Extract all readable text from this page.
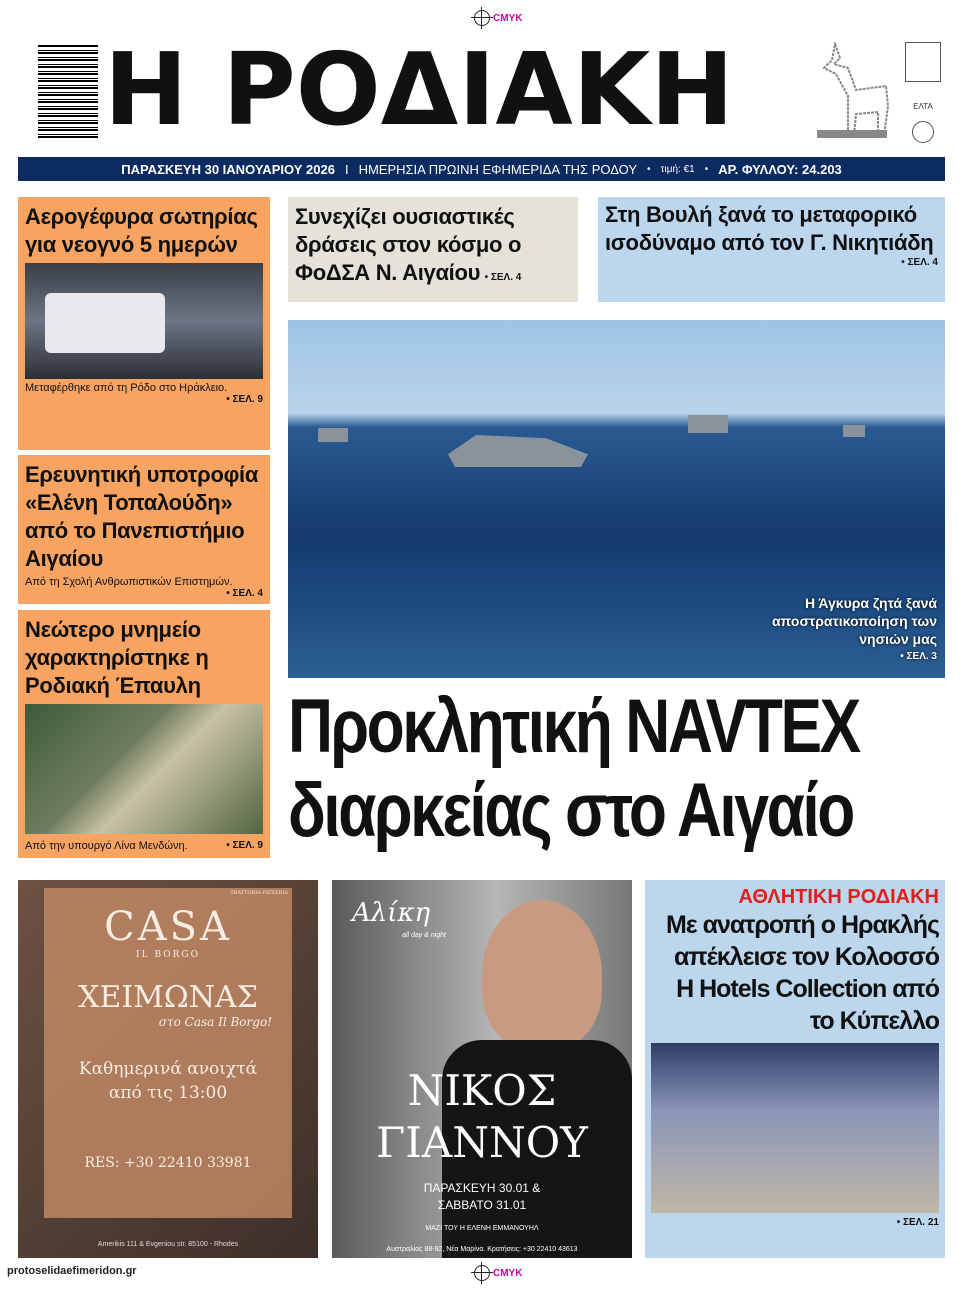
CMYK
Η ΡΟΔΙΑΚΗ	ΕΛΤΑ
ΠΑΡΑΣΚΕΥΗ 30 ΙΑΝΟΥΑΡΙΟΥ 2026 Ι ΗΜΕΡΗΣΙΑ ΠΡΩΙΝΗ ΕΦΗΜΕΡΙΔΑ ΤΗΣ ΡΟΔΟΥ • τιμή: €1 • ΑΡ. ΦΥΛΛΟΥ: 24.203
Αερογέφυρα σωτηρίας για νεογνό 5 ημερών
Μεταφέρθηκε από τη Ρόδο στο Ηράκλειο.
• ΣΕΛ. 9
Ερευνητική υποτροφία «Ελένη Τοπαλούδη» από το Πανεπιστήμιο Αιγαίου
Από τη Σχολή Ανθρωπιστικών Επιστημών.
• ΣΕΛ. 4
Νεώτερο μνημείο χαρακτηρίστηκε η Ροδιακή Έπαυλη
Από την υπουργό Λίνα Μενδώνη.	• ΣΕΛ. 9
Συνεχίζει ουσιαστικές δράσεις στον κόσμο ο ΦοΔΣΑ Ν. Αιγαίου • ΣΕΛ. 4
Στη Βουλή ξανά το μεταφορικό ισοδύναμο από τον Γ. Νικητιάδη
• ΣΕΛ. 4
Η Άγκυρα ζητά ξανά αποστρατικοποίηση των νησιών μας
• ΣΕΛ. 3
Προκλητική NAVTEX
διαρκείας στο Αιγαίο
TRATTORIA-PIZZERIA
CASA
IL BORGO
ΧΕΙΜΩΝΑΣ
στο Casa Il Borgo!
Καθημερινά ανοιχτά
από τις 13:00
RES: +30 22410 33981
Amerikis 111 & Evgeniou str. 85100 - Rhodes
protoselidaefimeridon.gr
Αλίκη
all day & night
ΝΙΚΟΣ
ΓΙΑΝΝΟΥ
ΠΑΡΑΣΚΕΥΗ 30.01 &
ΣΑΒΒΑΤΟ 31.01
ΜΑΖΙ ΤΟΥ Η ΕΛΕΝΗ ΕΜΜΑΝΟΥΗΛ
Αυστραλίας 88-92, Νέα Μαρίνα. Κρατήσεις: +30 22410 43613
ΑΘΛΗΤΙΚΗ ΡΟΔΙΑΚΗ
Με ανατροπή ο Ηρακλής απέκλεισε τον Κολοσσό Η Hotels Collection από το Κύπελλο
• ΣΕΛ. 21
CMYK
